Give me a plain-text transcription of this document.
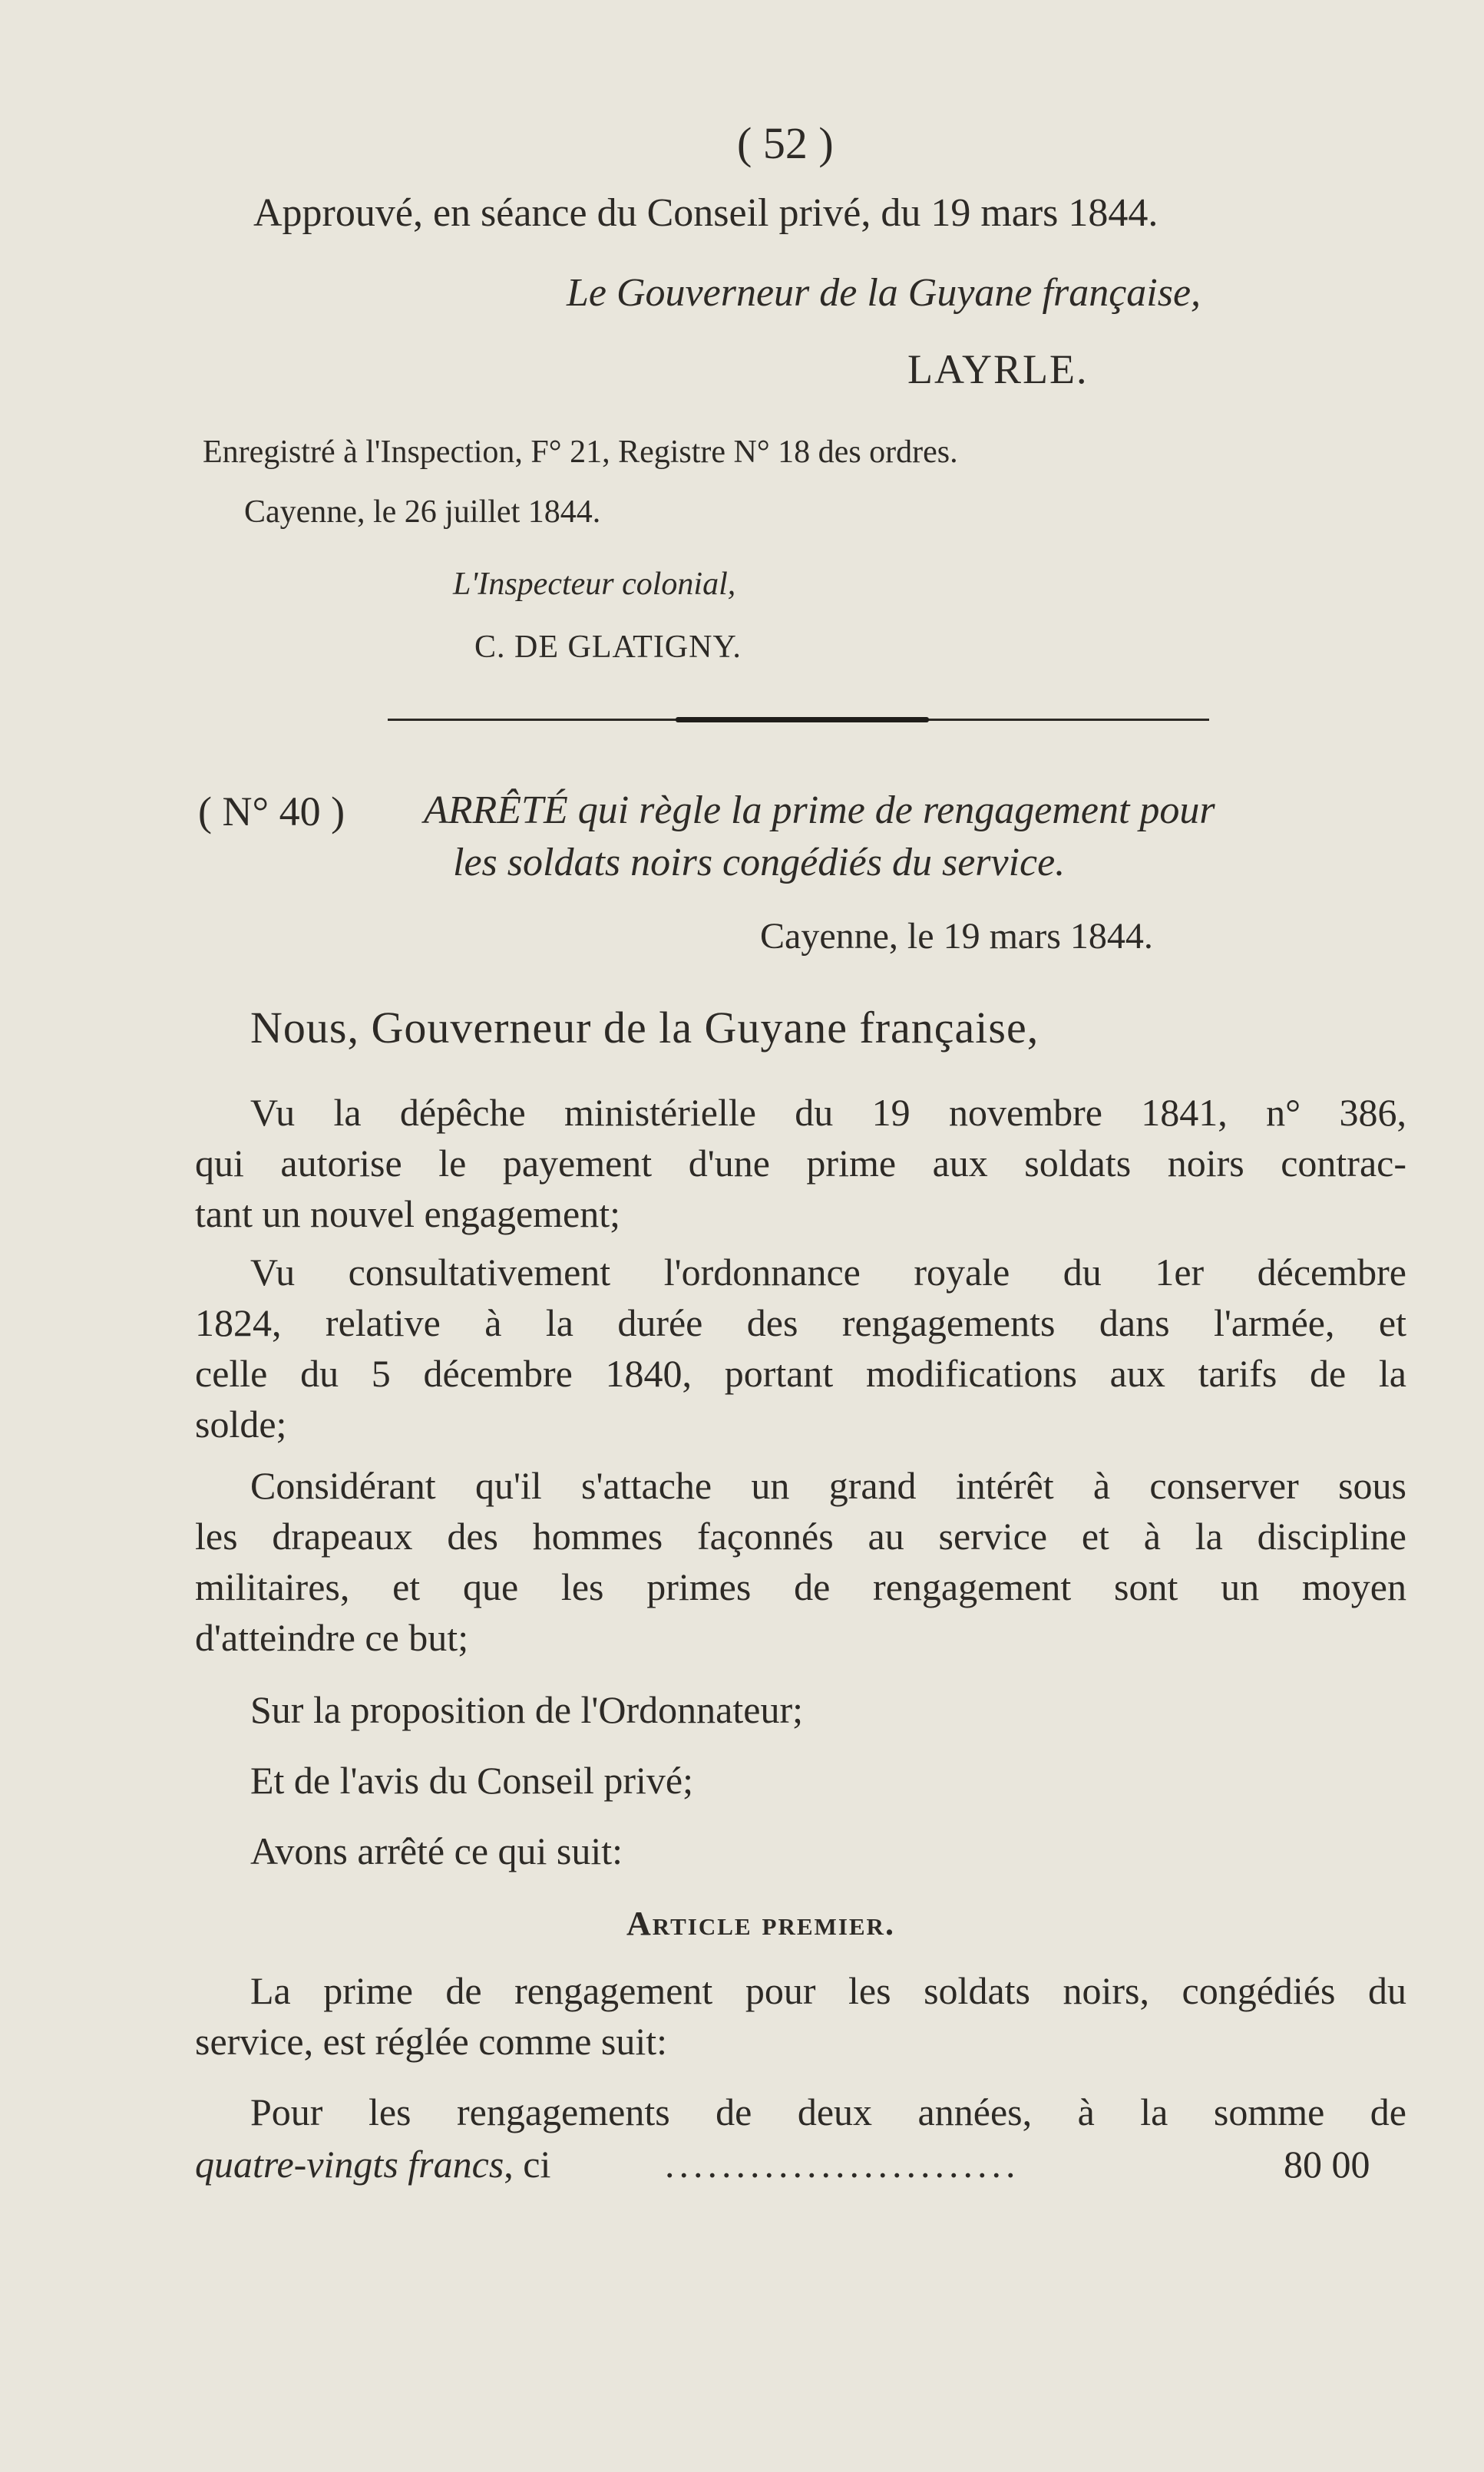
( 52 )
Approuvé, en séance du Conseil privé, du 19 mars 1844.
Le Gouverneur de la Guyane française,
LAYRLE.
Enregistré à l'Inspection, F° 21, Registre N° 18 des ordres.
Cayenne, le 26 juillet 1844.
L'Inspecteur colonial,
C. DE GLATIGNY.
( N° 40 ) ARRÊTÉ qui règle la prime de rengagement pour
les soldats noirs congédiés du service.
Cayenne, le 19 mars 1844.
Nous, Gouverneur de la Guyane française,
Vu la dépêche ministérielle du 19 novembre 1841, n° 386,
qui autorise le payement d'une prime aux soldats noirs contrac-
tant un nouvel engagement;
Vu consultativement l'ordonnance royale du 1er décembre
1824, relative à la durée des rengagements dans l'armée, et
celle du 5 décembre 1840, portant modifications aux tarifs de la
solde;
Considérant qu'il s'attache un grand intérêt à conserver sous
les drapeaux des hommes façonnés au service et à la discipline
militaires, et que les primes de rengagement sont un moyen
d'atteindre ce but;
Sur la proposition de l'Ordonnateur;
Et de l'avis du Conseil privé;
Avons arrêté ce qui suit:
Article premier.
La prime de rengagement pour les soldats noirs, congédiés du
service, est réglée comme suit:
Pour les rengagements de deux années, à la somme de
quatre-vingts francs, ci	.........................	80 00
